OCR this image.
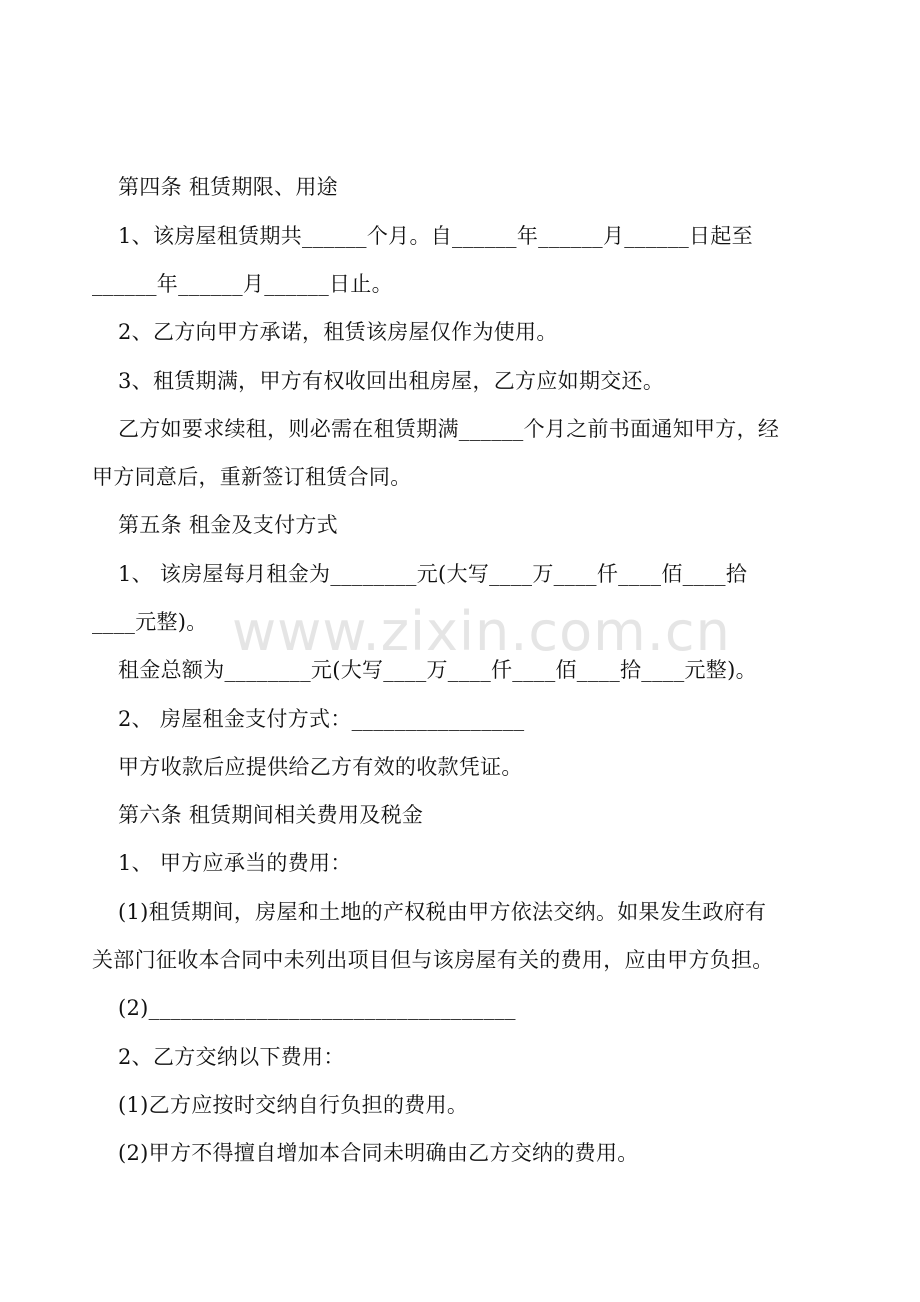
第四条 租赁期限、用途

1、该房屋租赁期共______个月。自______年______月______日起至

______年______月______日止。

2、乙方向甲方承诺，租赁该房屋仅作为使用。

3、租赁期满，甲方有权收回出租房屋，乙方应如期交还。

乙方如要求续租，则必需在租赁期满______个月之前书面通知甲方，经

甲方同意后，重新签订租赁合同。

第五条 租金及支付方式

1、 该房屋每月租金为________元(大写____万____仟____佰____拾

____元整)。

租金总额为________元(大写____万____仟____佰____拾____元整)。

2、 房屋租金支付方式：________________

甲方收款后应提供给乙方有效的收款凭证。

第六条 租赁期间相关费用及税金

1、 甲方应承当的费用：

(1)租赁期间，房屋和土地的产权税由甲方依法交纳。如果发生政府有

关部门征收本合同中未列出项目但与该房屋有关的费用，应由甲方负担。

(2)__________________________________

2、乙方交纳以下费用：

(1)乙方应按时交纳自行负担的费用。

(2)甲方不得擅自增加本合同未明确由乙方交纳的费用。

www.zixin.com.cn
